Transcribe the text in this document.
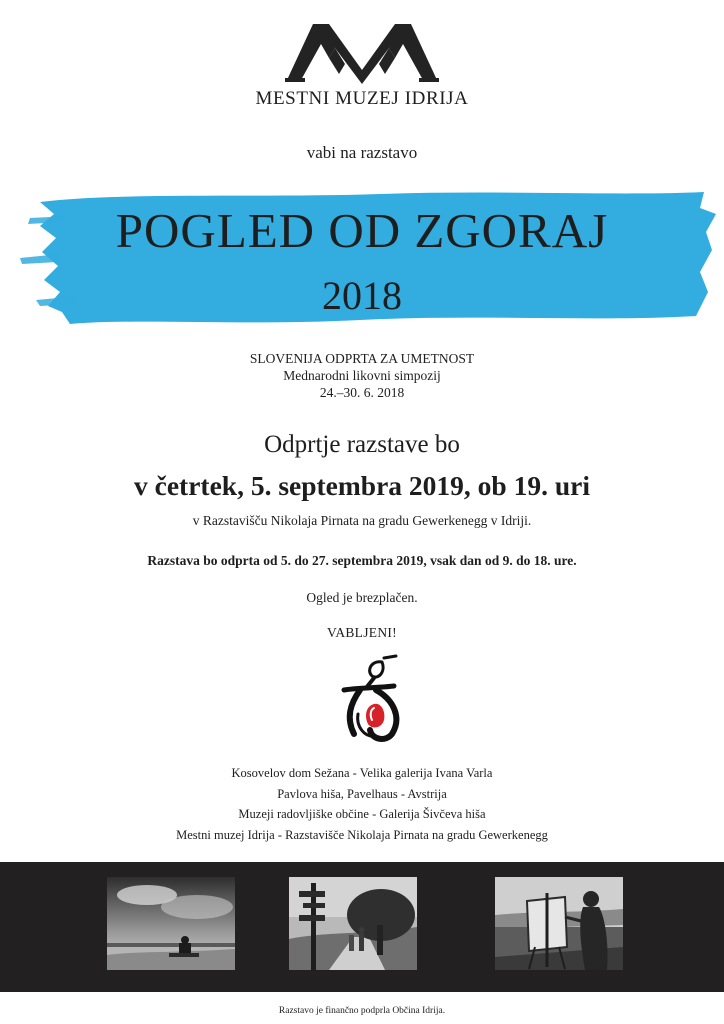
MESTNI MUZEJ IDRIJA
vabi na razstavo
POGLED OD ZGORAJ
2018
SLOVENIJA ODPRTA ZA UMETNOST
Mednarodni likovni simpozij
24.–30. 6. 2018
Odprtje razstave bo
v četrtek, 5. septembra 2019, ob 19. uri
v Razstavišču Nikolaja Pirnata na gradu Gewerkenegg v Idriji.
Razstava bo odprta od 5. do 27. septembra 2019, vsak dan od 9. do 18. ure.
Ogled je brezplačen.
VABLJENI!
Kosovelov dom Sežana - Velika galerija Ivana Varla
Pavlova hiša, Pavelhaus - Avstrija
Muzeji radovljiške občine - Galerija Šivčeva hiša
Mestni muzej Idrija - Razstavišče Nikolaja Pirnata na gradu Gewerkenegg
Razstavo je finančno podprla Občina Idrija.
